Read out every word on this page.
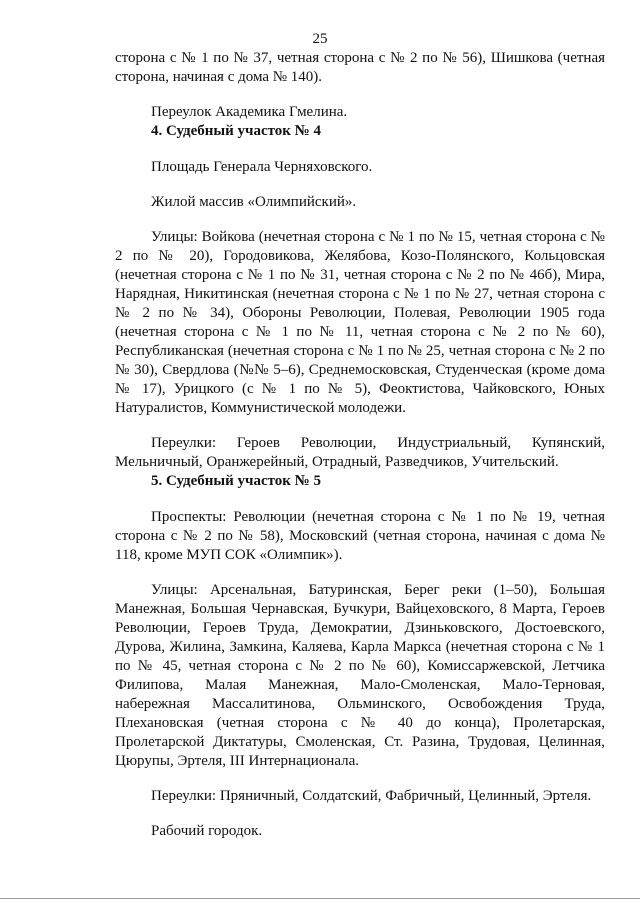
25

сторона с № 1 по № 37, четная сторона с № 2 по № 56), Шишкова (четная сторона, начиная с дома № 140).

Переулок Академика Гмелина.

4. Судебный участок № 4

Площадь Генерала Черняховского.

Жилой массив «Олимпийский».

Улицы: Войкова (нечетная сторона с № 1 по № 15, четная сторона с № 2 по № 20), Городовикова, Желябова, Козо-Полянского, Кольцовская (нечетная сторона с № 1 по № 31, четная сторона с № 2 по № 46б), Мира, Нарядная, Никитинская (нечетная сторона с № 1 по № 27, четная сторона с № 2 по № 34), Обороны Революции, Полевая, Революции 1905 года (нечетная сторона с № 1 по № 11, четная сторона с № 2 по № 60), Республиканская (нечетная сторона с № 1 по № 25, четная сторона с № 2 по № 30), Свердлова (№№ 5–6), Среднемосковская, Студенческая (кроме дома № 17), Урицкого (с № 1 по № 5), Феоктистова, Чайковского, Юных Натуралистов, Коммунистической молодежи.

Переулки: Героев Революции, Индустриальный, Купянский, Мельничный, Оранжерейный, Отрадный, Разведчиков, Учительский.

5. Судебный участок № 5

Проспекты: Революции (нечетная сторона с № 1 по № 19, четная сторона с № 2 по № 58), Московский (четная сторона, начиная с дома № 118, кроме МУП СОК «Олимпик»).

Улицы: Арсенальная, Батуринская, Берег реки (1–50), Большая Манежная, Большая Чернавская, Бучкури, Вайцеховского, 8 Марта, Героев Революции, Героев Труда, Демократии, Дзиньковского, Достоевского, Дурова, Жилина, Замкина, Каляева, Карла Маркса (нечетная сторона с № 1 по № 45, четная сторона с № 2 по № 60), Комиссаржевской, Летчика Филипова, Малая Манежная, Мало-Смоленская, Мало-Терновая, набережная Массалитинова, Ольминского, Освобождения Труда, Плехановская (четная сторона с № 40 до конца), Пролетарская, Пролетарской Диктатуры, Смоленская, Ст. Разина, Трудовая, Целинная, Цюрупы, Эртеля, III Интернационала.

Переулки: Пряничный, Солдатский, Фабричный, Целинный, Эртеля.

Рабочий городок.
